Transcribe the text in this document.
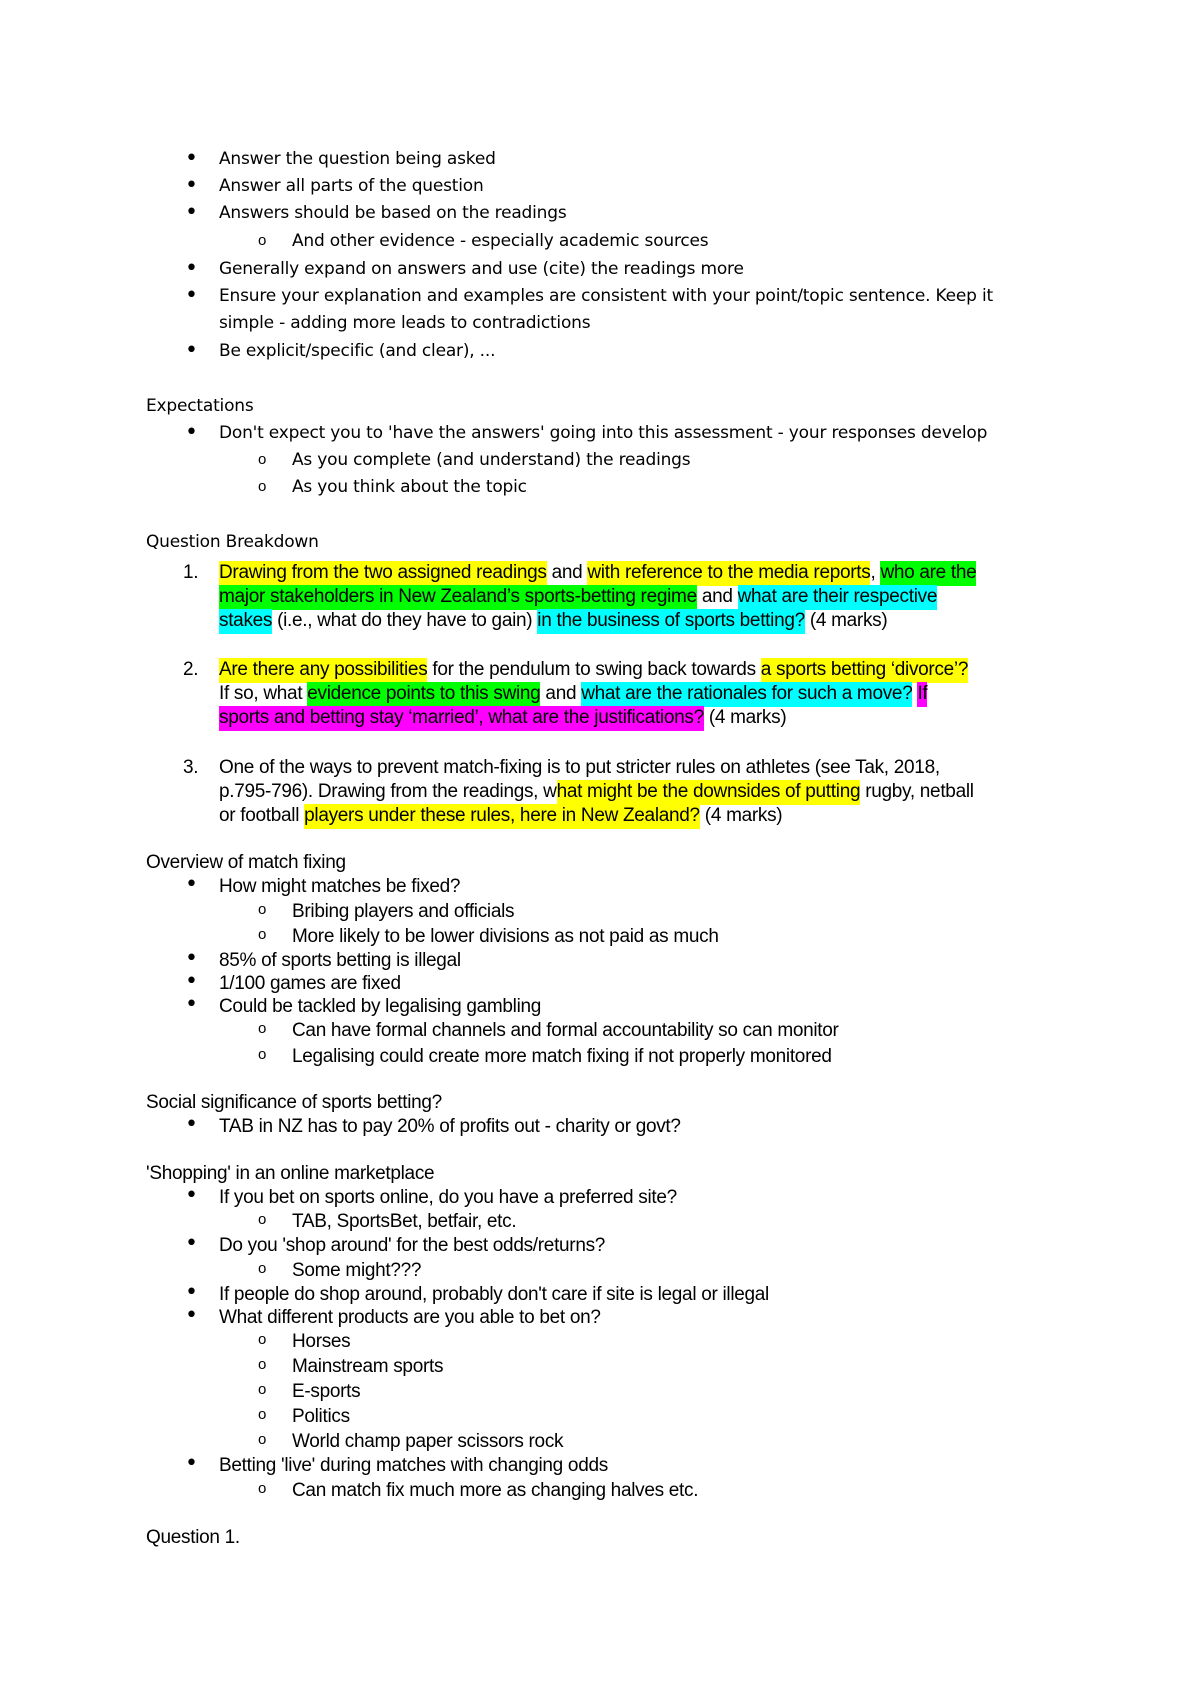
• Answer the question being asked
• Answer all parts of the question
• Answers should be based on the readings
o And other evidence - especially academic sources
• Generally expand on answers and use (cite) the readings more
• Ensure your explanation and examples are consistent with your point/topic sentence. Keep it
simple - adding more leads to contradictions
• Be explicit/specific (and clear), ...
Expectations
• Don't expect you to 'have the answers' going into this assessment - your responses develop
o As you complete (and understand) the readings
o As you think about the topic
Question Breakdown
1. Drawing from the two assigned readings and with reference to the media reports, who are the
major stakeholders in New Zealand’s sports-betting regime and what are their respective
stakes (i.e., what do they have to gain) in the business of sports betting? (4 marks)
2. Are there any possibilities for the pendulum to swing back towards a sports betting ‘divorce’?
If so, what evidence points to this swing and what are the rationales for such a move? If
sports and betting stay ‘married’, what are the justifications? (4 marks)
3. One of the ways to prevent match-fixing is to put stricter rules on athletes (see Tak, 2018,
p.795-796). Drawing from the readings, what might be the downsides of putting rugby, netball
or football players under these rules, here in New Zealand? (4 marks)
Overview of match fixing
• How might matches be fixed?
o Bribing players and officials
o More likely to be lower divisions as not paid as much
• 85% of sports betting is illegal
• 1/100 games are fixed
• Could be tackled by legalising gambling
o Can have formal channels and formal accountability so can monitor
o Legalising could create more match fixing if not properly monitored
Social significance of sports betting?
• TAB in NZ has to pay 20% of profits out - charity or govt?
'Shopping' in an online marketplace
• If you bet on sports online, do you have a preferred site?
o TAB, SportsBet, betfair, etc.
• Do you 'shop around' for the best odds/returns?
o Some might???
• If people do shop around, probably don't care if site is legal or illegal
• What different products are you able to bet on?
o Horses
o Mainstream sports
o E-sports
o Politics
o World champ paper scissors rock
• Betting 'live' during matches with changing odds
o Can match fix much more as changing halves etc.
Question 1.
